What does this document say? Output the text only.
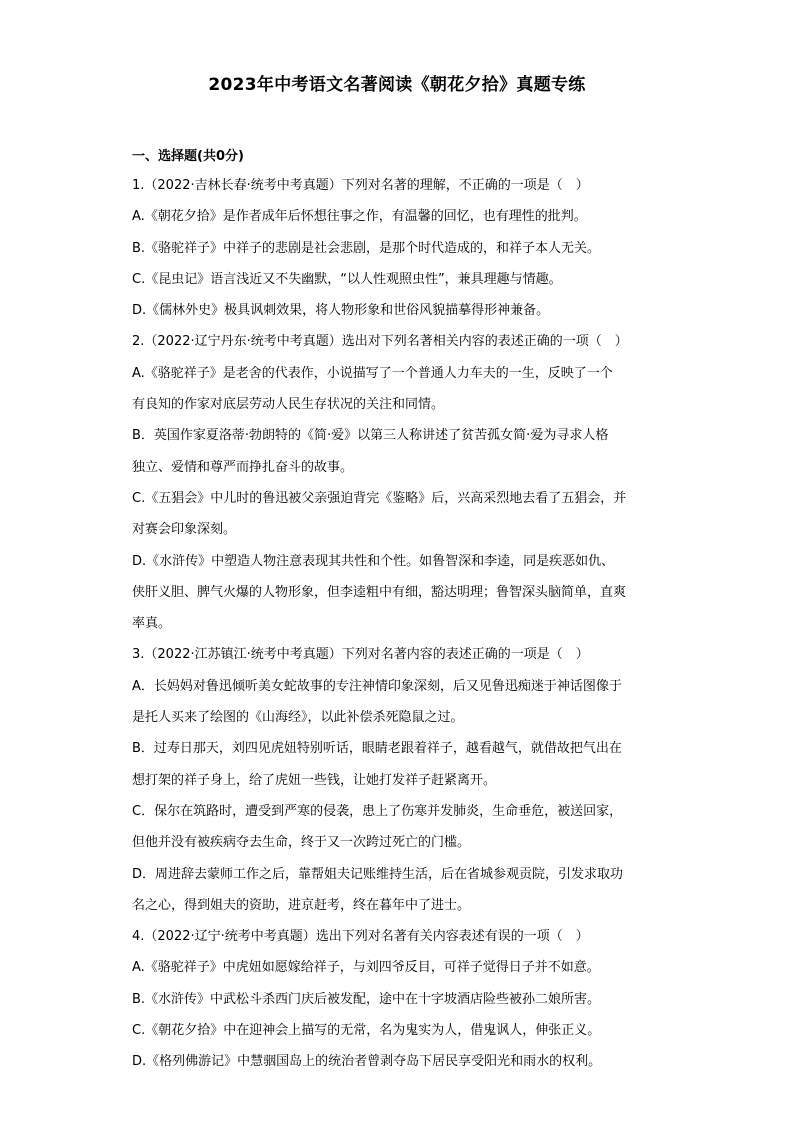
2023年中考语文名著阅读《朝花夕拾》真题专练
一、选择题(共0分)
1.（2022·吉林长春·统考中考真题）下列对名著的理解，不正确的一项是（　）
A.《朝花夕拾》是作者成年后怀想往事之作，有温馨的回忆，也有理性的批判。
B.《骆驼祥子》中祥子的悲剧是社会悲剧，是那个时代造成的，和祥子本人无关。
C.《昆虫记》语言浅近又不失幽默，“以人性观照虫性”，兼具理趣与情趣。
D.《儒林外史》极具讽刺效果，将人物形象和世俗风貌描摹得形神兼备。
2.（2022·辽宁丹东·统考中考真题）选出对下列名著相关内容的表述正确的一项（　）
A.《骆驼祥子》是老舍的代表作，小说描写了一个普通人力车夫的一生，反映了一个
有良知的作家对底层劳动人民生存状况的关注和同情。
B．英国作家夏洛蒂·勃朗特的《简·爱》以第三人称讲述了贫苦孤女简·爱为寻求人格
独立、爱情和尊严而挣扎奋斗的故事。
C.《五猖会》中儿时的鲁迅被父亲强迫背完《鉴略》后，兴高采烈地去看了五猖会，并
对赛会印象深刻。
D.《水浒传》中塑造人物注意表现其共性和个性。如鲁智深和李逵，同是疾恶如仇、
侠肝义胆、脾气火爆的人物形象，但李逵粗中有细，豁达明理；鲁智深头脑简单，直爽
率真。
3.（2022·江苏镇江·统考中考真题）下列对名著内容的表述正确的一项是（　）
A．长妈妈对鲁迅倾听美女蛇故事的专注神情印象深刻，后又见鲁迅痴迷于神话图像于
是托人买来了绘图的《山海经》，以此补偿杀死隐鼠之过。
B．过寿日那天，刘四见虎妞特别听话，眼睛老跟着祥子，越看越气，就借故把气出在
想打架的祥子身上，给了虎妞一些钱，让她打发祥子赶紧离开。
C．保尔在筑路时，遭受到严寒的侵袭，患上了伤寒并发肺炎，生命垂危，被送回家，
但他并没有被疾病夺去生命，终于又一次跨过死亡的门槛。
D．周进辞去蒙师工作之后，靠帮姐夫记账维持生活，后在省城参观贡院，引发求取功
名之心，得到姐夫的资助，进京赶考，终在暮年中了进士。
4.（2022·辽宁·统考中考真题）选出下列对名著有关内容表述有误的一项（　）
A.《骆驼祥子》中虎妞如愿嫁给祥子，与刘四爷反目，可祥子觉得日子并不如意。
B.《水浒传》中武松斗杀西门庆后被发配，途中在十字坡酒店险些被孙二娘所害。
C.《朝花夕拾》中在迎神会上描写的无常，名为鬼实为人，借鬼讽人，伸张正义。
D.《格列佛游记》中慧骃国岛上的统治者曾剥夺岛下居民享受阳光和雨水的权利。
